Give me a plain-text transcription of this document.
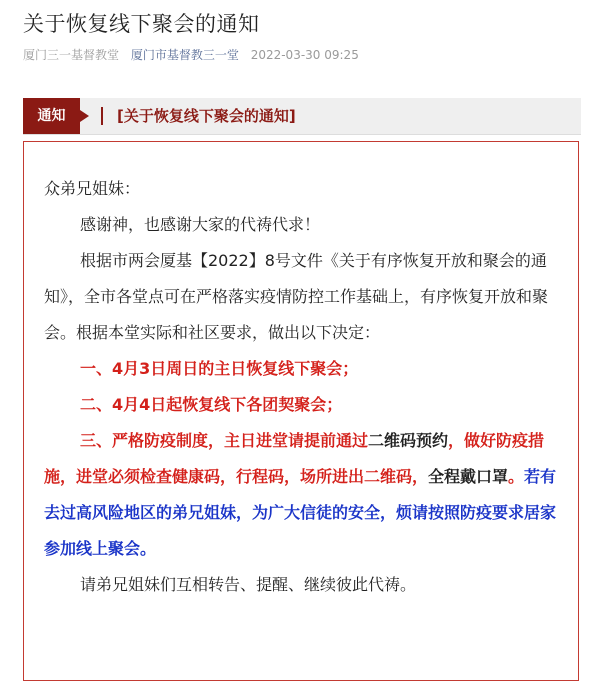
关于恢复线下聚会的通知
厦门三一基督教堂 厦门市基督教三一堂 2022-03-30 09:25
通知	[关于恢复线下聚会的通知]

众弟兄姐妹：

感谢神，也感谢大家的代祷代求！

根据市两会厦基【2022】8号文件《关于有序恢复开放和聚会的通知》，全市各堂点可在严格落实疫情防控工作基础上，有序恢复开放和聚会。根据本堂实际和社区要求，做出以下决定：

一、4月3日周日的主日恢复线下聚会；

二、4月4日起恢复线下各团契聚会；

三、严格防疫制度，主日进堂请提前通过二维码预约，做好防疫措施，进堂必须检查健康码，行程码，场所进出二维码，全程戴口罩。若有去过高风险地区的弟兄姐妹，为广大信徒的安全，烦请按照防疫要求居家参加线上聚会。

请弟兄姐妹们互相转告、提醒、继续彼此代祷。
